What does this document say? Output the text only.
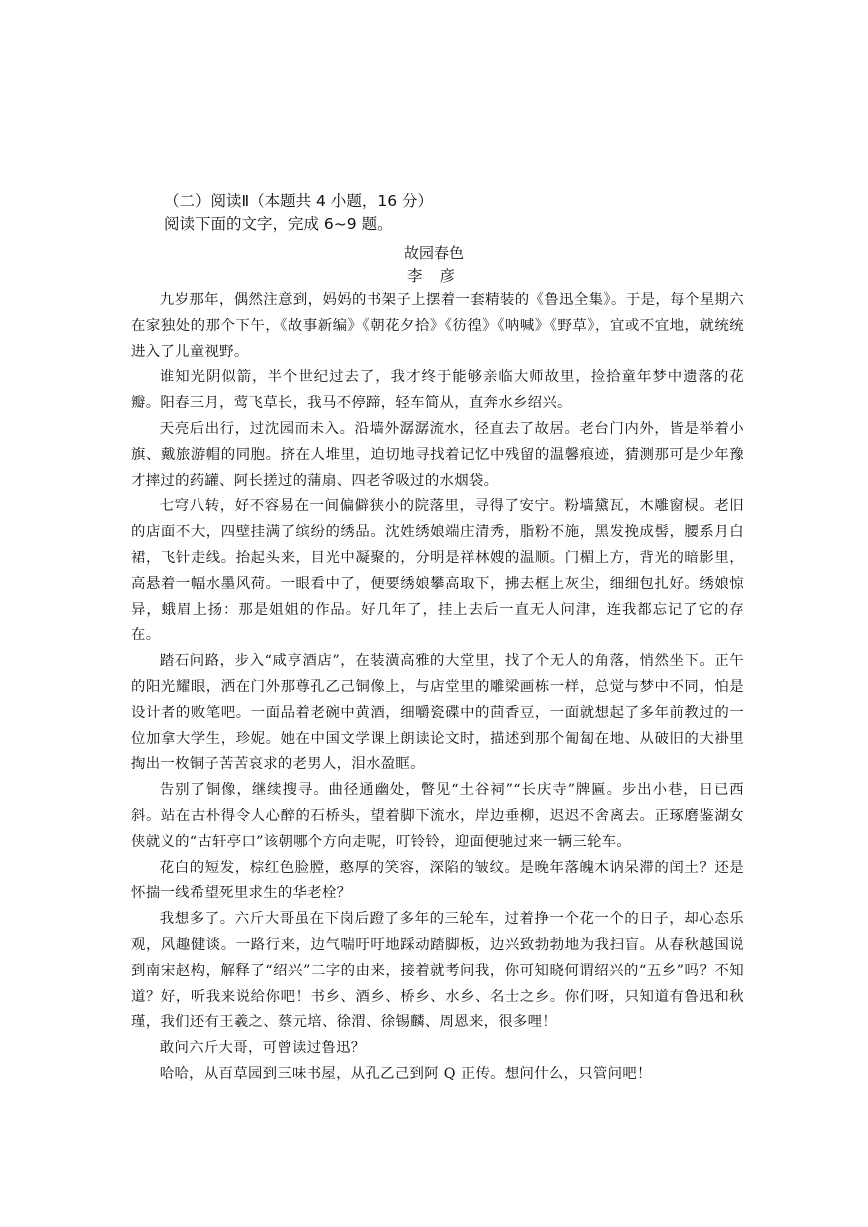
（二）阅读Ⅱ（本题共 4 小题，16 分）
阅读下面的文字，完成 6~9 题。
故园春色
李 彦

九岁那年，偶然注意到，妈妈的书架子上摆着一套精装的《鲁迅全集》。于是，每个星期六在家独处的那个下午，《故事新编》《朝花夕拾》《彷徨》《呐喊》《野草》，宜或不宜地，就统统进入了儿童视野。

谁知光阴似箭，半个世纪过去了，我才终于能够亲临大师故里，捡拾童年梦中遗落的花瓣。阳春三月，莺飞草长，我马不停蹄，轻车简从，直奔水乡绍兴。

天亮后出行，过沈园而未入。沿墙外潺潺流水，径直去了故居。老台门内外，皆是举着小旗、戴旅游帽的同胞。挤在人堆里，迫切地寻找着记忆中残留的温馨痕迹，猜测那可是少年豫才摔过的药罐、阿长搓过的蒲扇、四老爷吸过的水烟袋。

七穹八转，好不容易在一间偏僻狭小的院落里，寻得了安宁。粉墙黛瓦，木雕窗棂。老旧的店面不大，四壁挂满了缤纷的绣品。沈姓绣娘端庄清秀，脂粉不施，黑发挽成髻，腰系月白裙，飞针走线。抬起头来，目光中凝聚的，分明是祥林嫂的温顺。门楣上方，背光的暗影里，高悬着一幅水墨风荷。一眼看中了，便要绣娘攀高取下，拂去框上灰尘，细细包扎好。绣娘惊异，蛾眉上扬：那是姐姐的作品。好几年了，挂上去后一直无人问津，连我都忘记了它的存在。

踏石问路，步入“咸亨酒店”，在装潢高雅的大堂里，找了个无人的角落，悄然坐下。正午的阳光耀眼，洒在门外那尊孔乙己铜像上，与店堂里的雕梁画栋一样，总觉与梦中不同，怕是设计者的败笔吧。一面品着老碗中黄酒，细嚼瓷碟中的茴香豆，一面就想起了多年前教过的一位加拿大学生，珍妮。她在中国文学课上朗读论文时，描述到那个匍匐在地、从破旧的大褂里掏出一枚铜子苦苦哀求的老男人，泪水盈眶。

告别了铜像，继续搜寻。曲径通幽处，瞥见“土谷祠”“长庆寺”牌匾。步出小巷，日已西斜。站在古朴得令人心醉的石桥头，望着脚下流水，岸边垂柳，迟迟不舍离去。正琢磨鉴湖女侠就义的“古轩亭口”该朝哪个方向走呢，叮铃铃，迎面便驰过来一辆三轮车。

花白的短发，棕红色脸膛，憨厚的笑容，深陷的皱纹。是晚年落魄木讷呆滞的闰土？还是怀揣一线希望死里求生的华老栓？

我想多了。六斤大哥虽在下岗后蹬了多年的三轮车，过着挣一个花一个的日子，却心态乐观，风趣健谈。一路行来，边气喘吁吁地踩动踏脚板，边兴致勃勃地为我扫盲。从春秋越国说到南宋赵构，解释了“绍兴”二字的由来，接着就考问我，你可知晓何谓绍兴的“五乡”吗？不知道？好，听我来说给你吧！书乡、酒乡、桥乡、水乡、名士之乡。你们呀，只知道有鲁迅和秋瑾，我们还有王羲之、蔡元培、徐渭、徐锡麟、周恩来，很多哩！

敢问六斤大哥，可曾读过鲁迅？

哈哈，从百草园到三味书屋，从孔乙己到阿 Q 正传。想问什么，只管问吧！
